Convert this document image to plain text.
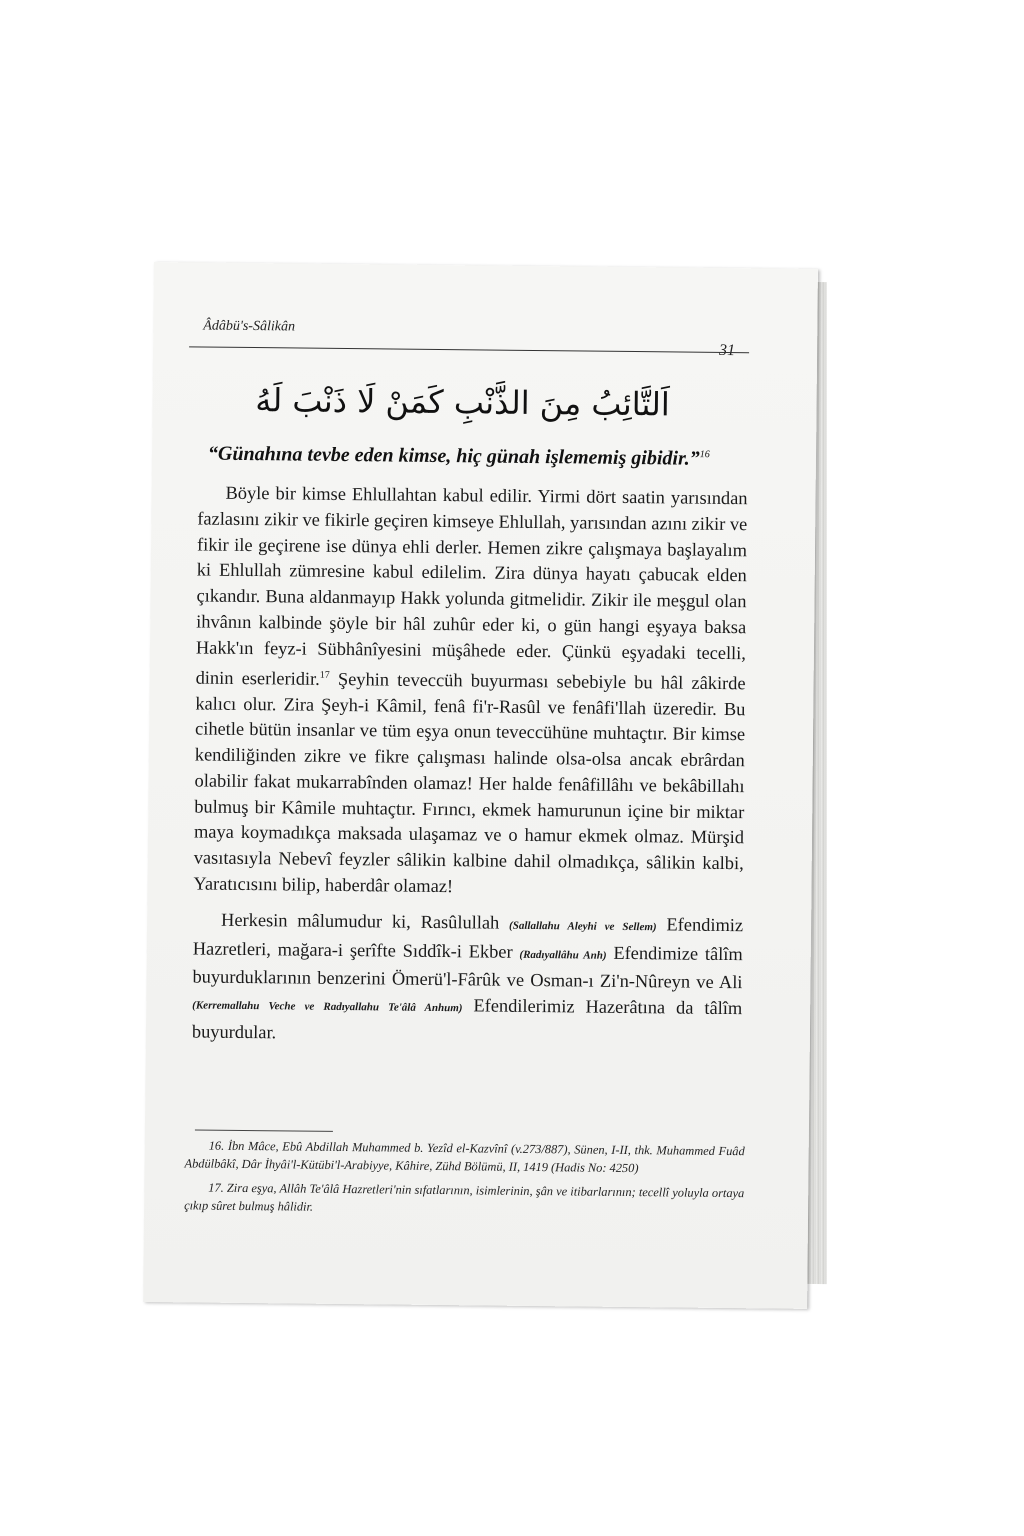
Âdâbü's-Sâlikân
31
اَلتَّائِبُ مِنَ الذَّنْبِ كَمَنْ لَا ذَنْبَ لَهُ
“Günahına tevbe eden kimse, hiç günah işlememiş gibidir.”$^{16}$

Böyle bir kimse Ehlullahtan kabul edilir. Yirmi dört saatin yarısından fazlasını zikir ve fikirle geçiren kimseye Ehlullah, yarısından azını zikir ve fikir ile geçirene ise dünya ehli derler. Hemen zikre çalışmaya başlayalım ki Ehlullah zümresine kabul edilelim. Zira dünya hayatı çabucak elden çıkandır. Buna aldanmayıp Hakk yolunda gitmelidir. Zikir ile meşgul olan ihvânın kalbinde şöyle bir hâl zuhûr eder ki, o gün hangi eşyaya baksa Hakk'ın feyz-i Sübhânîyesini müşâhede eder. Çünkü eşyadaki tecelli, dinin eserleridir.$^{17}$ Şeyhin teveccüh buyurması sebebiyle bu hâl zâkirde kalıcı olur. Zira Şeyh-i Kâmil, fenâ fi'r-Rasûl ve fenâfi'llah üzeredir. Bu cihetle bütün insanlar ve tüm eşya onun teveccühüne muhtaçtır. Bir kimse kendiliğinden zikre ve fikre çalışması halinde olsa-olsa ancak ebrârdan olabilir fakat mukarrabînden olamaz! Her halde fenâfillâhı ve bekâbillahı bulmuş bir Kâmile muhtaçtır. Fırıncı, ekmek hamurunun içine bir miktar maya koymadıkça maksada ulaşamaz ve o hamur ekmek olmaz. Mürşid vasıtasıyla Nebevî feyzler sâlikin kalbine dahil olmadıkça, sâlikin kalbi, Yaratıcısını bilip, haberdâr olamaz!

Herkesin mâlumudur ki, Rasûlullah (Sallallahu Aleyhi ve Sellem) Efendimiz Hazretleri, mağara-i şerîfte Sıddîk-i Ekber (Radıyallâhu Anh) Efendimize tâlîm buyurduklarının benzerini Ömerü'l-Fârûk ve Osman-ı Zi'n-Nûreyn ve Ali (Kerremallahu Veche ve Radıyallahu Te'âlâ Anhum) Efendilerimiz Hazerâtına da tâlîm buyurdular.

16. İbn Mâce, Ebû Abdillah Muhammed b. Yezîd el-Kazvînî (v.273/887), Sünen, I-II, thk. Muhammed Fuâd Abdülbâkî, Dâr İhyâi'l-Kütübi'l-Arabiyye, Kâhire, Zühd Bölümü, II, 1419 (Hadis No: 4250)

17. Zira eşya, Allâh Te'âlâ Hazretleri'nin sıfatlarının, isimlerinin, şân ve itibarlarının; tecellî yoluyla ortaya çıkıp sûret bulmuş hâlidir.
